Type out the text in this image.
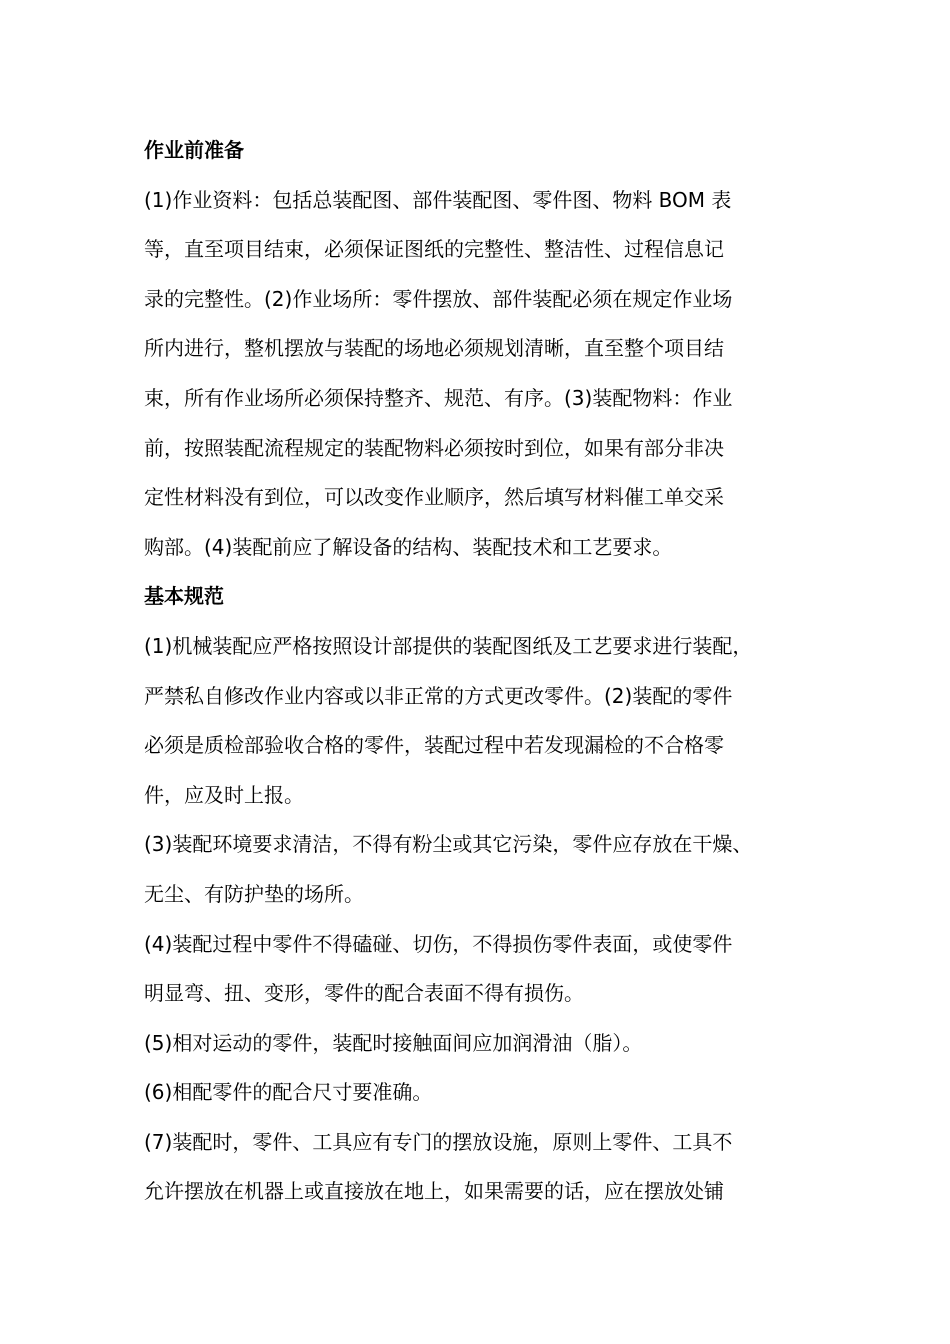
作业前准备

(1)作业资料：包括总装配图、部件装配图、零件图、物料 BOM 表

等，直至项目结束，必须保证图纸的完整性、整洁性、过程信息记

录的完整性。(2)作业场所：零件摆放、部件装配必须在规定作业场

所内进行，整机摆放与装配的场地必须规划清晰，直至整个项目结

束，所有作业场所必须保持整齐、规范、有序。(3)装配物料：作业

前，按照装配流程规定的装配物料必须按时到位，如果有部分非决

定性材料没有到位，可以改变作业顺序，然后填写材料催工单交采

购部。(4)装配前应了解设备的结构、装配技术和工艺要求。

基本规范

(1)机械装配应严格按照设计部提供的装配图纸及工艺要求进行装配，

严禁私自修改作业内容或以非正常的方式更改零件。(2)装配的零件

必须是质检部验收合格的零件，装配过程中若发现漏检的不合格零

件，应及时上报。

(3)装配环境要求清洁，不得有粉尘或其它污染，零件应存放在干燥、

无尘、有防护垫的场所。

(4)装配过程中零件不得磕碰、切伤，不得损伤零件表面，或使零件

明显弯、扭、变形，零件的配合表面不得有损伤。

(5)相对运动的零件，装配时接触面间应加润滑油（脂）。

(6)相配零件的配合尺寸要准确。

(7)装配时，零件、工具应有专门的摆放设施，原则上零件、工具不

允许摆放在机器上或直接放在地上，如果需要的话，应在摆放处铺
